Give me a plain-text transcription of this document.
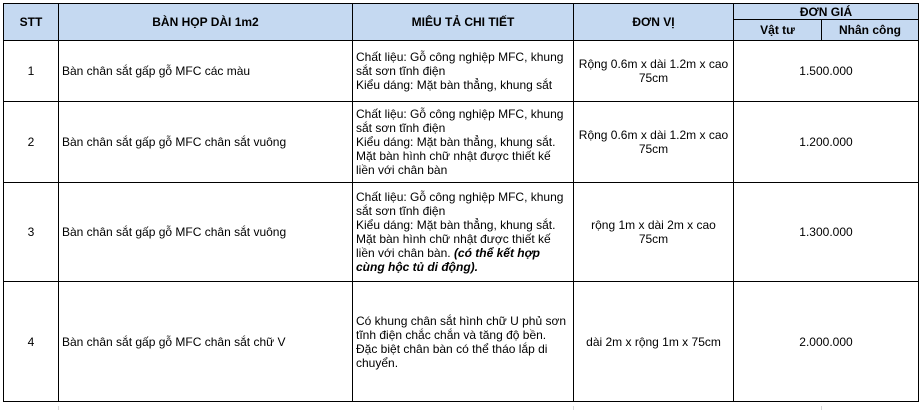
STT	BÀN HỌP DÀI 1m2	MIÊU TẢ CHI TIẾT	ĐƠN VỊ	ĐƠN GIÁ	
				Vật tư	Nhân công
1	Bàn chân sắt gấp gỗ MFC các màu	Chất liệu: Gỗ công nghiệp MFC, khung sắt sơn tĩnh điện
Kiểu dáng: Mặt bàn thẳng, khung sắt	Rộng 0.6m x dài 1.2m x cao 75cm	1.500.000	
2	Bàn chân sắt gấp gỗ MFC chân sắt vuông	Chất liệu: Gỗ công nghiệp MFC, khung sắt sơn tĩnh điện
Kiểu dáng: Mặt bàn thẳng, khung sắt. Mặt bàn hình chữ nhật được thiết kế liền với chân bàn	Rộng 0.6m x dài 1.2m x cao 75cm	1.200.000	
3	Bàn chân sắt gấp gỗ MFC chân sắt vuông	Chất liệu: Gỗ công nghiệp MFC, khung sắt sơn tĩnh điện
Kiểu dáng: Mặt bàn thẳng, khung sắt. Mặt bàn hình chữ nhật được thiết kế liền với chân bàn. (có thể kết hợp cùng hộc tủ di động).	rộng 1m x dài 2m x cao 75cm	1.300.000	
4	Bàn chân sắt gấp gỗ MFC chân sắt chữ V	Có khung chân sắt hình chữ U phủ sơn tĩnh điện chắc chắn và tăng độ bền. Đặc biệt chân bàn có thể tháo lắp di chuyển.	dài 2m x rộng 1m x 75cm	2.000.000	
